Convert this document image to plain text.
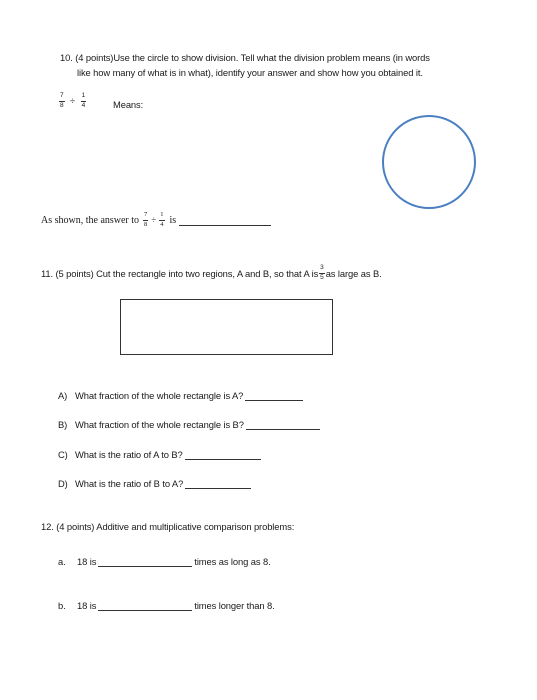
10. (4 points)Use the circle to show division. Tell what the division problem means (in words
like how many of what is in what), identify your answer and show how you obtained it.
$\frac{7}{8} \div \frac{1}{4}$	Means:
As shown, the answer to $\frac{7}{8} \div \frac{1}{4}$ is
11. (5 points) Cut the rectangle into two regions, A and B, so that A is $\frac{3}{5}$ as large as B.
A) What fraction of the whole rectangle is A?
B) What fraction of the whole rectangle is B?
C) What is the ratio of A to B?
D) What is the ratio of B to A?
12. (4 points) Additive and multiplicative comparison problems:
a.	18 is	times as long as 8.
b.	18 is	times longer than 8.
